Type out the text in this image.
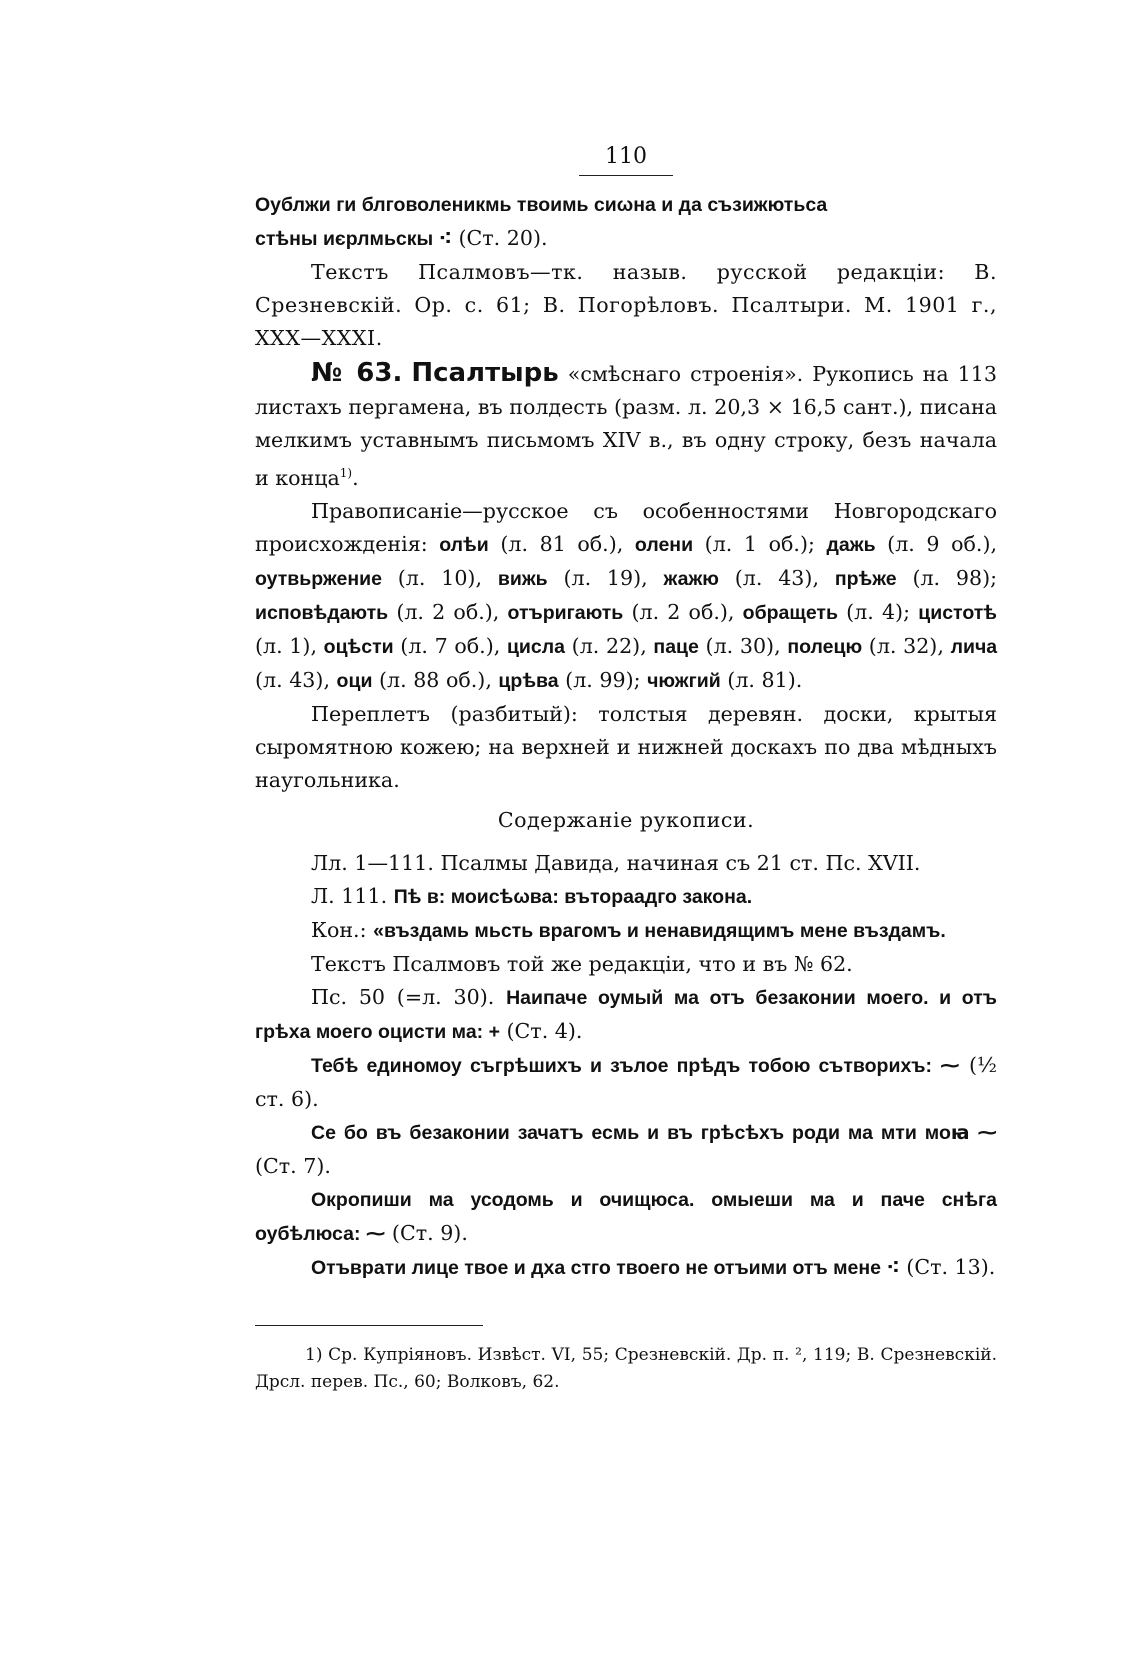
110

Оублжи ги блговоленикмь твоимь сиωна и да съзижютьса
стѣны иєрлмьскы ⁖ (Ст. 20).

Текстъ Псалмовъ—тк. назыв. русской редакціи: В. Срезневскій. Ор. с. 61; В. Погорѣловъ. Псалтыри. М. 1901 г., XXX—XXXI.

№ 63. Псалтырь «смѣснаго строенія». Рукопись на 113 листахъ пергамена, въ полдесть (разм. л. 20,3 × 16,5 сант.), писана мелкимъ уставнымъ письмомъ XIV в., въ одну строку, безъ начала и конца$^{1)}$.

Правописаніе—русское съ особенностями Новгородскаго происхожденія: олѣи (л. 81 об.), олени (л. 1 об.); дажь (л. 9 об.), оутвьржение (л. 10), вижь (л. 19), жажю (л. 43), прѣже (л. 98); исповѣдають (л. 2 об.), отъригають (л. 2 об.), обращеть (л. 4); цистотѣ (л. 1), оцѣсти (л. 7 об.), цисла (л. 22), паце (л. 30), полецю (л. 32), лича (л. 43), оци (л. 88 об.), црѣва (л. 99); чюжгий (л. 81).

Переплетъ (разбитый): толстыя деревян. доски, крытыя сыромятною кожею; на верхней и нижней доскахъ по два мѣдныхъ наугольника.

Содержаніе рукописи.

Лл. 1—111. Псалмы Давида, начиная съ 21 ст. Пс. XVII.

Л. 111. Пѣ в: моисѣωва: вътораадго закона.

Кон.: «въздамь мьсть врагомъ и ненавидящимъ мене въздамъ.

Текстъ Псалмовъ той же редакціи, что и въ № 62.

Пс. 50 (=л. 30). Наипаче оумый ма отъ безаконии моего. и отъ грѣха моего оцисти ма: + (Ст. 4).

Тебѣ единомоу съгрѣшихъ и зълое прѣдъ тобою сътворихъ: ⁓ (½ ст. 6).

Се бо въ безаконии зачатъ есмь и въ грѣсѣхъ роди ма мти моꙗ ⁓ (Ст. 7).

Окропиши ма усодомь и очищюса. омыеши ма и паче снѣга оубѣлюса: ⁓ (Ст. 9).

Отъврати лице твое и дха стго твоего не отъими отъ мене ⁖ (Ст. 13).

1) Ср. Купріяновъ. Извѣст. VI, 55; Срезневскій. Др. п. ², 119; В. Срезневскій. Дрсл. перев. Пс., 60; Волковъ, 62.
